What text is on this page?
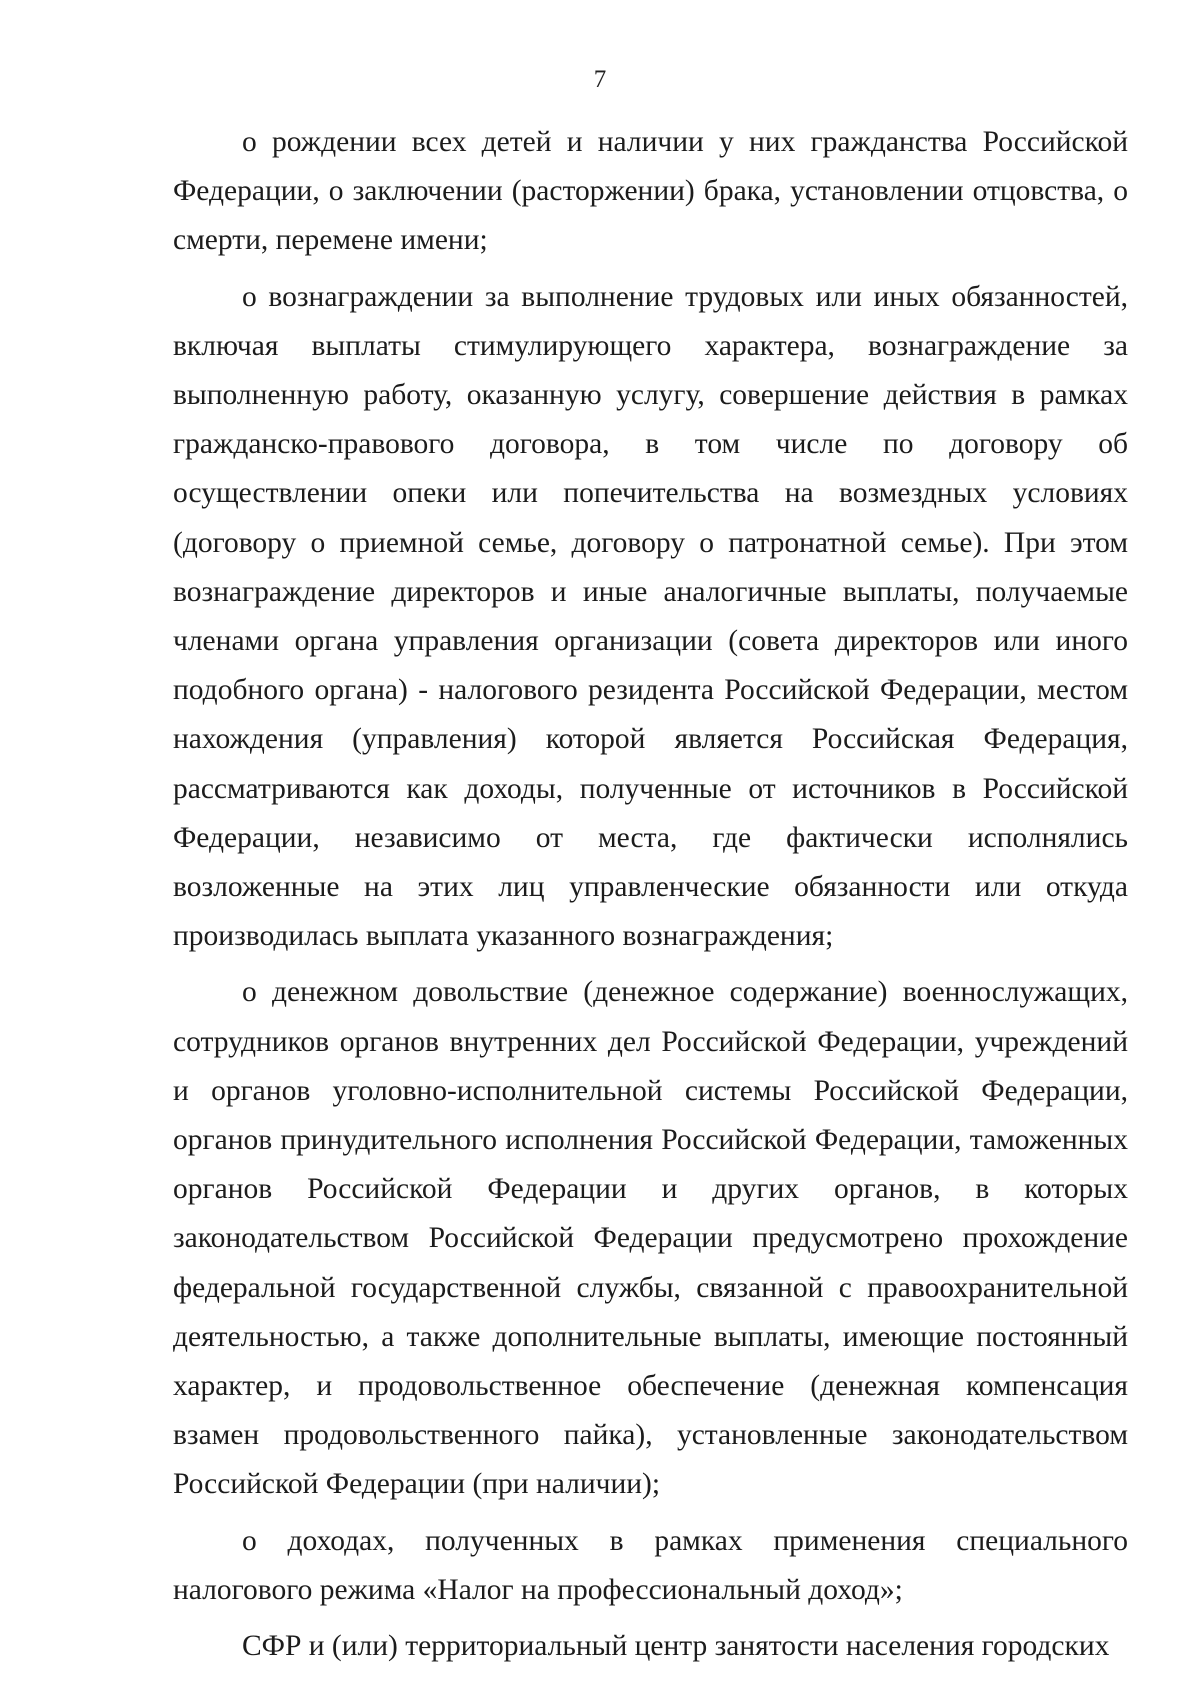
7

о рождении всех детей и наличии у них гражданства Российской Федерации, о заключении (расторжении) брака, установлении отцовства, о смерти, перемене имени;

о вознаграждении за выполнение трудовых или иных обязанностей, включая выплаты стимулирующего характера, вознаграждение за выполненную работу, оказанную услугу, совершение действия в рамках гражданско-правового договора, в том числе по договору об осуществлении опеки или попечительства на возмездных условиях (договору о приемной семье, договору о патронатной семье). При этом вознаграждение директоров и иные аналогичные выплаты, получаемые членами органа управления организации (совета директоров или иного подобного органа) - налогового резидента Российской Федерации, местом нахождения (управления) которой является Российская Федерация, рассматриваются как доходы, полученные от источников в Российской Федерации, независимо от места, где фактически исполнялись возложенные на этих лиц управленческие обязанности или откуда производилась выплата указанного вознаграждения;

о денежном довольствие (денежное содержание) военнослужащих, сотрудников органов внутренних дел Российской Федерации, учреждений и органов уголовно-исполнительной системы Российской Федерации, органов принудительного исполнения Российской Федерации, таможенных органов Российской Федерации и других органов, в которых законодательством Российской Федерации предусмотрено прохождение федеральной государственной службы, связанной с правоохранительной деятельностью, а также дополнительные выплаты, имеющие постоянный характер, и продовольственное обеспечение (денежная компенсация взамен продовольственного пайка), установленные законодательством Российской Федерации (при наличии);

о доходах, полученных в рамках применения специального налогового режима «Налог на профессиональный доход»;

СФР и (или) территориальный центр занятости населения городских
